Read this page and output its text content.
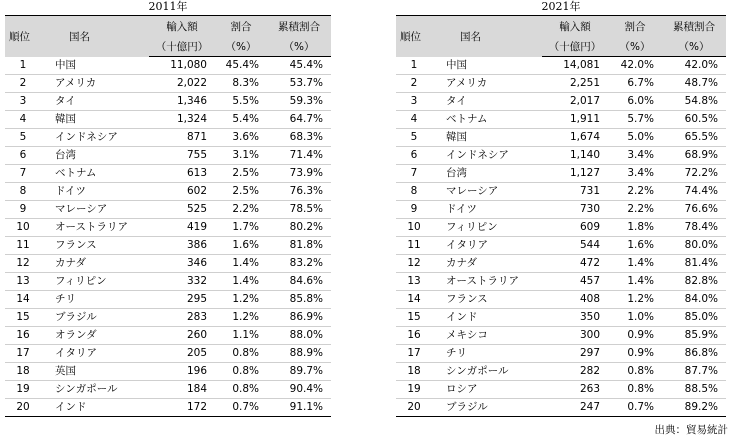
2011年
順位	国名	輸入額	割合	累積割合
		（十億円）	（%）	（%）
1	中国	11,080	45.4%	45.4%
2	アメリカ	2,022	8.3%	53.7%
3	タイ	1,346	5.5%	59.3%
4	韓国	1,324	5.4%	64.7%
5	インドネシア	871	3.6%	68.3%
6	台湾	755	3.1%	71.4%
7	ベトナム	613	2.5%	73.9%
8	ドイツ	602	2.5%	76.3%
9	マレーシア	525	2.2%	78.5%
10	オーストラリア	419	1.7%	80.2%
11	フランス	386	1.6%	81.8%
12	カナダ	346	1.4%	83.2%
13	フィリピン	332	1.4%	84.6%
14	チリ	295	1.2%	85.8%
15	ブラジル	283	1.2%	86.9%
16	オランダ	260	1.1%	88.0%
17	イタリア	205	0.8%	88.9%
18	英国	196	0.8%	89.7%
19	シンガポール	184	0.8%	90.4%
20	インド	172	0.7%	91.1%
2021年
順位	国名	輸入額	割合	累積割合
		（十億円）	（%）	（%）
1	中国	14,081	42.0%	42.0%
2	アメリカ	2,251	6.7%	48.7%
3	タイ	2,017	6.0%	54.8%
4	ベトナム	1,911	5.7%	60.5%
5	韓国	1,674	5.0%	65.5%
6	インドネシア	1,140	3.4%	68.9%
7	台湾	1,127	3.4%	72.2%
8	マレーシア	731	2.2%	74.4%
9	ドイツ	730	2.2%	76.6%
10	フィリピン	609	1.8%	78.4%
11	イタリア	544	1.6%	80.0%
12	カナダ	472	1.4%	81.4%
13	オーストラリア	457	1.4%	82.8%
14	フランス	408	1.2%	84.0%
15	インド	350	1.0%	85.0%
16	メキシコ	300	0.9%	85.9%
17	チリ	297	0.9%	86.8%
18	シンガポール	282	0.8%	87.7%
19	ロシア	263	0.8%	88.5%
20	ブラジル	247	0.7%	89.2%
出典：貿易統計
